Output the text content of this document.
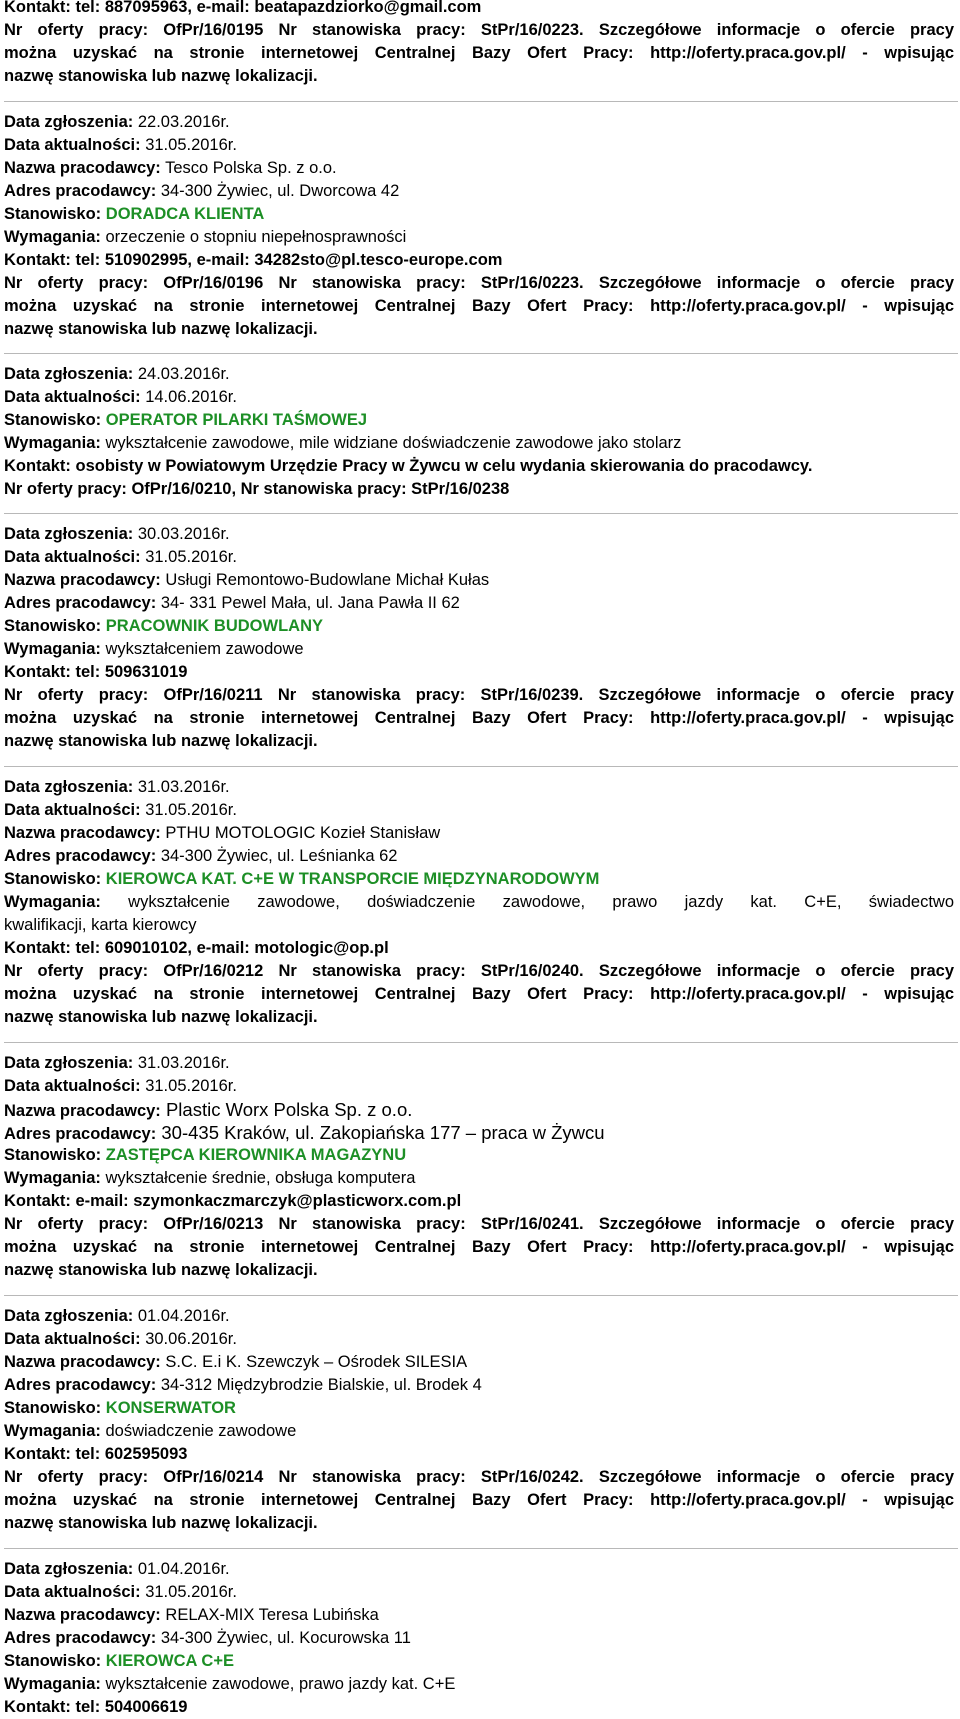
Kontakt: tel: 887095963, e-mail: beatapazdziorko@gmail.com
Nr oferty pracy: OfPr/16/0195 Nr stanowiska pracy: StPr/16/0223. Szczegółowe informacje o ofercie pracy
można uzyskać na stronie internetowej Centralnej Bazy Ofert Pracy: http://oferty.praca.gov.pl/ - wpisując
nazwę stanowiska lub nazwę lokalizacji.
Data zgłoszenia: 22.03.2016r.
Data aktualności: 31.05.2016r.
Nazwa pracodawcy: Tesco Polska Sp. z o.o.
Adres pracodawcy: 34-300 Żywiec, ul. Dworcowa 42
Stanowisko: DORADCA KLIENTA
Wymagania: orzeczenie o stopniu niepełnosprawności
Kontakt: tel: 510902995, e-mail: 34282sto@pl.tesco-europe.com
Nr oferty pracy: OfPr/16/0196 Nr stanowiska pracy: StPr/16/0223. Szczegółowe informacje o ofercie pracy
można uzyskać na stronie internetowej Centralnej Bazy Ofert Pracy: http://oferty.praca.gov.pl/ - wpisując
nazwę stanowiska lub nazwę lokalizacji.
Data zgłoszenia: 24.03.2016r.
Data aktualności: 14.06.2016r.
Stanowisko: OPERATOR PILARKI TAŚMOWEJ
Wymagania: wykształcenie zawodowe, mile widziane doświadczenie zawodowe jako stolarz
Kontakt: osobisty w Powiatowym Urzędzie Pracy w Żywcu w celu wydania skierowania do pracodawcy.
Nr oferty pracy: OfPr/16/0210, Nr stanowiska pracy: StPr/16/0238
Data zgłoszenia: 30.03.2016r.
Data aktualności: 31.05.2016r.
Nazwa pracodawcy: Usługi Remontowo-Budowlane Michał Kułas
Adres pracodawcy: 34- 331 Pewel Mała, ul. Jana Pawła II 62
Stanowisko: PRACOWNIK BUDOWLANY
Wymagania: wykształceniem zawodowe
Kontakt: tel: 509631019
Nr oferty pracy: OfPr/16/0211 Nr stanowiska pracy: StPr/16/0239. Szczegółowe informacje o ofercie pracy
można uzyskać na stronie internetowej Centralnej Bazy Ofert Pracy: http://oferty.praca.gov.pl/ - wpisując
nazwę stanowiska lub nazwę lokalizacji.
Data zgłoszenia: 31.03.2016r.
Data aktualności: 31.05.2016r.
Nazwa pracodawcy: PTHU MOTOLOGIC Kozieł Stanisław
Adres pracodawcy: 34-300 Żywiec, ul. Leśnianka 62
Stanowisko: KIEROWCA KAT. C+E W TRANSPORCIE MIĘDZYNARODOWYM
Wymagania: wykształcenie zawodowe, doświadczenie zawodowe, prawo jazdy kat. C+E, świadectwo
kwalifikacji, karta kierowcy
Kontakt: tel: 609010102, e-mail: motologic@op.pl
Nr oferty pracy: OfPr/16/0212 Nr stanowiska pracy: StPr/16/0240. Szczegółowe informacje o ofercie pracy
można uzyskać na stronie internetowej Centralnej Bazy Ofert Pracy: http://oferty.praca.gov.pl/ - wpisując
nazwę stanowiska lub nazwę lokalizacji.
Data zgłoszenia: 31.03.2016r.
Data aktualności: 31.05.2016r.
Nazwa pracodawcy: Plastic Worx Polska Sp. z o.o.
Adres pracodawcy: 30-435 Kraków, ul. Zakopiańska 177 – praca w Żywcu
Stanowisko: ZASTĘPCA KIEROWNIKA MAGAZYNU
Wymagania: wykształcenie średnie, obsługa komputera
Kontakt: e-mail: szymonkaczmarczyk@plasticworx.com.pl
Nr oferty pracy: OfPr/16/0213 Nr stanowiska pracy: StPr/16/0241. Szczegółowe informacje o ofercie pracy
można uzyskać na stronie internetowej Centralnej Bazy Ofert Pracy: http://oferty.praca.gov.pl/ - wpisując
nazwę stanowiska lub nazwę lokalizacji.
Data zgłoszenia: 01.04.2016r.
Data aktualności: 30.06.2016r.
Nazwa pracodawcy: S.C. E.i K. Szewczyk – Ośrodek SILESIA
Adres pracodawcy: 34-312 Międzybrodzie Bialskie, ul. Brodek 4
Stanowisko: KONSERWATOR
Wymagania: doświadczenie zawodowe
Kontakt: tel: 602595093
Nr oferty pracy: OfPr/16/0214 Nr stanowiska pracy: StPr/16/0242. Szczegółowe informacje o ofercie pracy
można uzyskać na stronie internetowej Centralnej Bazy Ofert Pracy: http://oferty.praca.gov.pl/ - wpisując
nazwę stanowiska lub nazwę lokalizacji.
Data zgłoszenia: 01.04.2016r.
Data aktualności: 31.05.2016r.
Nazwa pracodawcy: RELAX-MIX Teresa Lubińska
Adres pracodawcy: 34-300 Żywiec, ul. Kocurowska 11
Stanowisko: KIEROWCA C+E
Wymagania: wykształcenie zawodowe, prawo jazdy kat. C+E
Kontakt: tel: 504006619
